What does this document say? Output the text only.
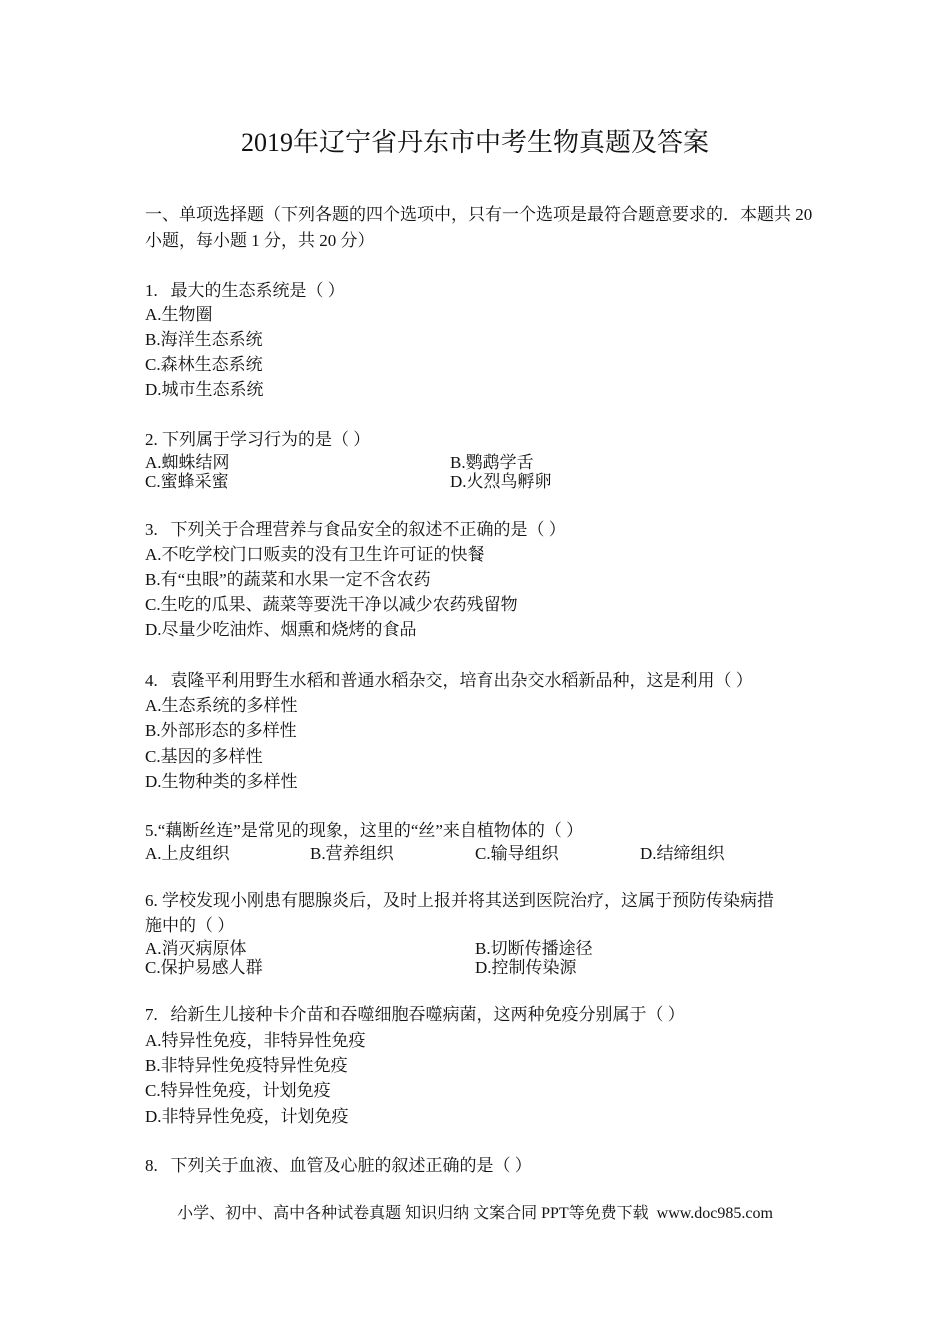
2019年辽宁省丹东市中考生物真题及答案
一、单项选择题（下列各题的四个选项中，只有一个选项是最符合题意要求的．本题共 20
小题，每小题 1 分，共 20 分）
1.   最大的生态系统是（ ）
A.生物圈
B.海洋生态系统
C.森林生态系统
D.城市生态系统
2. 下列属于学习行为的是（ ）
A.蜘蛛结网	B.鹦鹉学舌
C.蜜蜂采蜜	D.火烈鸟孵卵
3.   下列关于合理营养与食品安全的叙述不正确的是（ ）
A.不吃学校门口贩卖的没有卫生许可证的快餐
B.有“虫眼”的蔬菜和水果一定不含农药
C.生吃的瓜果、蔬菜等要洗干净以减少农药残留物
D.尽量少吃油炸、烟熏和烧烤的食品
4.   袁隆平利用野生水稻和普通水稻杂交，培育出杂交水稻新品种，这是利用（ ）
A.生态系统的多样性
B.外部形态的多样性
C.基因的多样性
D.生物种类的多样性
5.“藕断丝连”是常见的现象，这里的“丝”来自植物体的（ ）
A.上皮组织	B.营养组织	C.输导组织	D.结缔组织
6. 学校发现小刚患有腮腺炎后，及时上报并将其送到医院治疗，这属于预防传染病措
施中的（ ）
A.消灭病原体	B.切断传播途径
C.保护易感人群	D.控制传染源
7.   给新生儿接种卡介苗和吞噬细胞吞噬病菌，这两种免疫分别属于（ ）
A.特异性免疫，非特异性免疫
B.非特异性免疫特异性免疫
C.特异性免疫，计划免疫
D.非特异性免疫，计划免疫
8.   下列关于血液、血管及心脏的叙述正确的是（ ）
小学、初中、高中各种试卷真题 知识归纳 文案合同 PPT等免费下载  www.doc985.com
